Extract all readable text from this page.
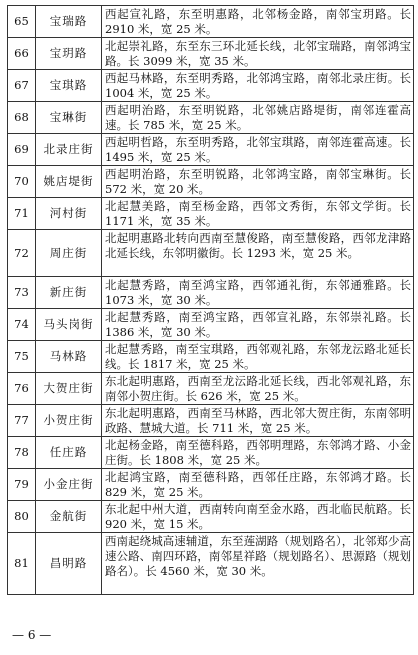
65	宝瑞路	西起宣礼路，东至明惠路，北邻杨金路，南邻宝玥路。长 2910 米，宽 25 米。
66	宝玥路	北起崇礼路，东至东三环北延长线，北邻宝瑞路，南邻鸿宝路。长 3099 米，宽 35 米。
67	宝琪路	西起马林路，东至明秀路，北邻鸿宝路，南邻北录庄街。长 1004 米，宽 25 米。
68	宝琳街	西起明治路，东至明锐路，北邻姚店路堤街，南邻连霍高速。长 785 米，宽 25 米。
69	北录庄街	西起明哲路，东至明秀路，北邻宝琪路，南邻连霍高速。长 1495 米，宽 25 米。
70	姚店堤街	西起明治路，东至明锐路，北邻鸿宝路，南邻宝琳街。长 572 米，宽 20 米。
71	河村街	北起慧美路，南至杨金路，西邻文秀街，东邻文学街。长 1171 米，宽 35 米。
72	周庄街	北起明惠路北转向西南至慧俊路，南至慧俊路，西邻龙津路北延长线，东邻明徽街。长 1293 米，宽 25 米。
73	新庄街	北起慧秀路，南至鸿宝路，西邻通礼街，东邻通雅路。长 1073 米，宽 30 米。
74	马头岗街	北起慧秀路，南至鸿宝路，西邻宣礼路，东邻崇礼路。长 1386 米，宽 30 米。
75	马林路	北起慧秀路，南至宝琪路，西邻观礼路，东邻龙沄路北延长线。长 1817 米，宽 25 米。
76	大贺庄街	东北起明惠路，西南至龙沄路北延长线，西北邻观礼路，东南邻小贺庄街。长 626 米，宽 25 米。
77	小贺庄街	东北起明惠路，西南至马林路，西北邻大贺庄街，东南邻明政路、慧城大道。长 711 米，宽 25 米。
78	任庄路	北起杨金路，南至德科路，西邻明理路，东邻鸿才路、小金庄街。长 1808 米，宽 25 米。
79	小金庄街	北起鸿宝路，南至德科路，西邻任庄路，东邻鸿才路。长 829 米，宽 25 米。
80	金航街	东北起中州大道，西南转向南至金水路，西北临民航路。长 920 米，宽 15 米。
81	昌明路	西南起绕城高速辅道，东至莲湖路（规划路名），北邻郑少高速公路、南四环路，南邻星祥路（规划路名）、思源路（规划路名）。长 4560 米，宽 30 米。
— 6 —
